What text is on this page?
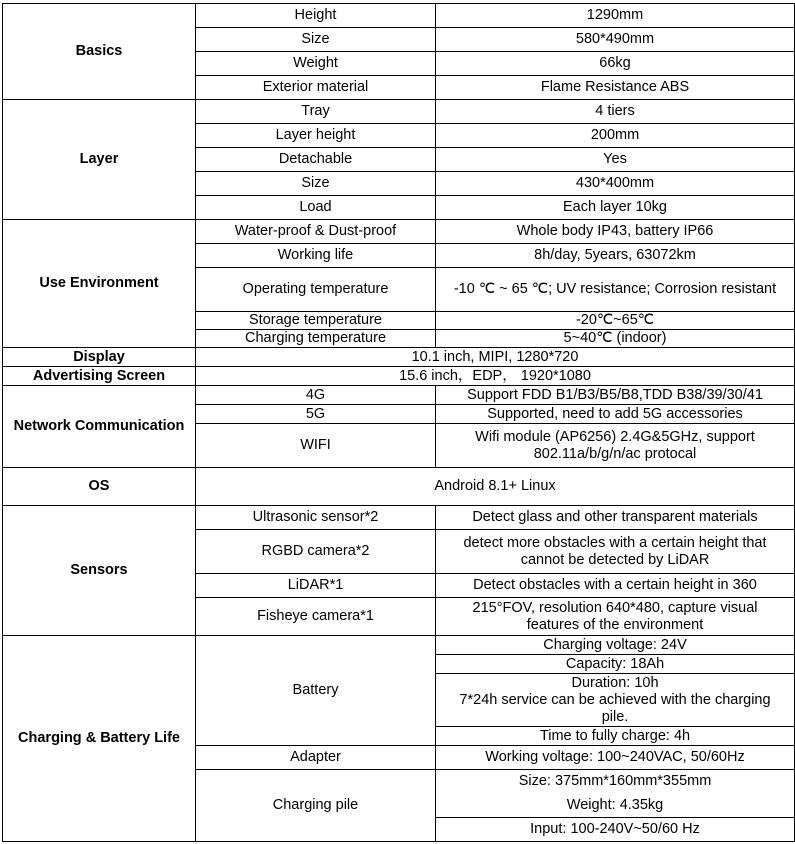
Basics	Height	1290mm
	Size	580*490mm
	Weight	66kg
	Exterior material	Flame Resistance ABS
Layer	Tray	4 tiers
	Layer height	200mm
	Detachable	Yes
	Size	430*400mm
	Load	Each layer 10kg
Use Environment	Water-proof & Dust-proof	Whole body IP43, battery IP66
	Working life	8h/day, 5years, 63072km
	Operating temperature	-10 ℃ ~ 65 ℃; UV resistance; Corrosion resistant
	Storage temperature	-20℃~65℃
	Charging temperature	5~40℃ (indoor)
Display	10.1 inch, MIPI, 1280*720	
Advertising Screen	15.6 inch，EDP， 1920*1080	
Network Communication	4G	Support FDD B1/B3/B5/B8,TDD B38/39/30/41
	5G	Supported, need to add 5G accessories
	WIFI	Wifi module (AP6256) 2.4G&5GHz, support
802.11a/b/g/n/ac protocal

OS	Android 8.1+ Linux	
Sensors	Ultrasonic sensor*2	Detect glass and other transparent materials
	RGBD camera*2	detect more obstacles with a certain height that
cannot be detected by LiDAR

	LiDAR*1	Detect obstacles with a certain height in 360
	Fisheye camera*1	215°FOV, resolution 640*480, capture visual
features of the environment

Charging & Battery Life	Battery	Charging voltage: 24V
		Capacity: 18Ah

		Duration: 10h
7*24h service can be achieved with the charging
pile.

		Time to fully charge: 4h
	Adapter	Working voltage: 100~240VAC, 50/60Hz
	Charging pile	Size: 375mm*160mm*355mm
		Weight: 4.35kg
		Input: 100-240V~50/60 Hz
